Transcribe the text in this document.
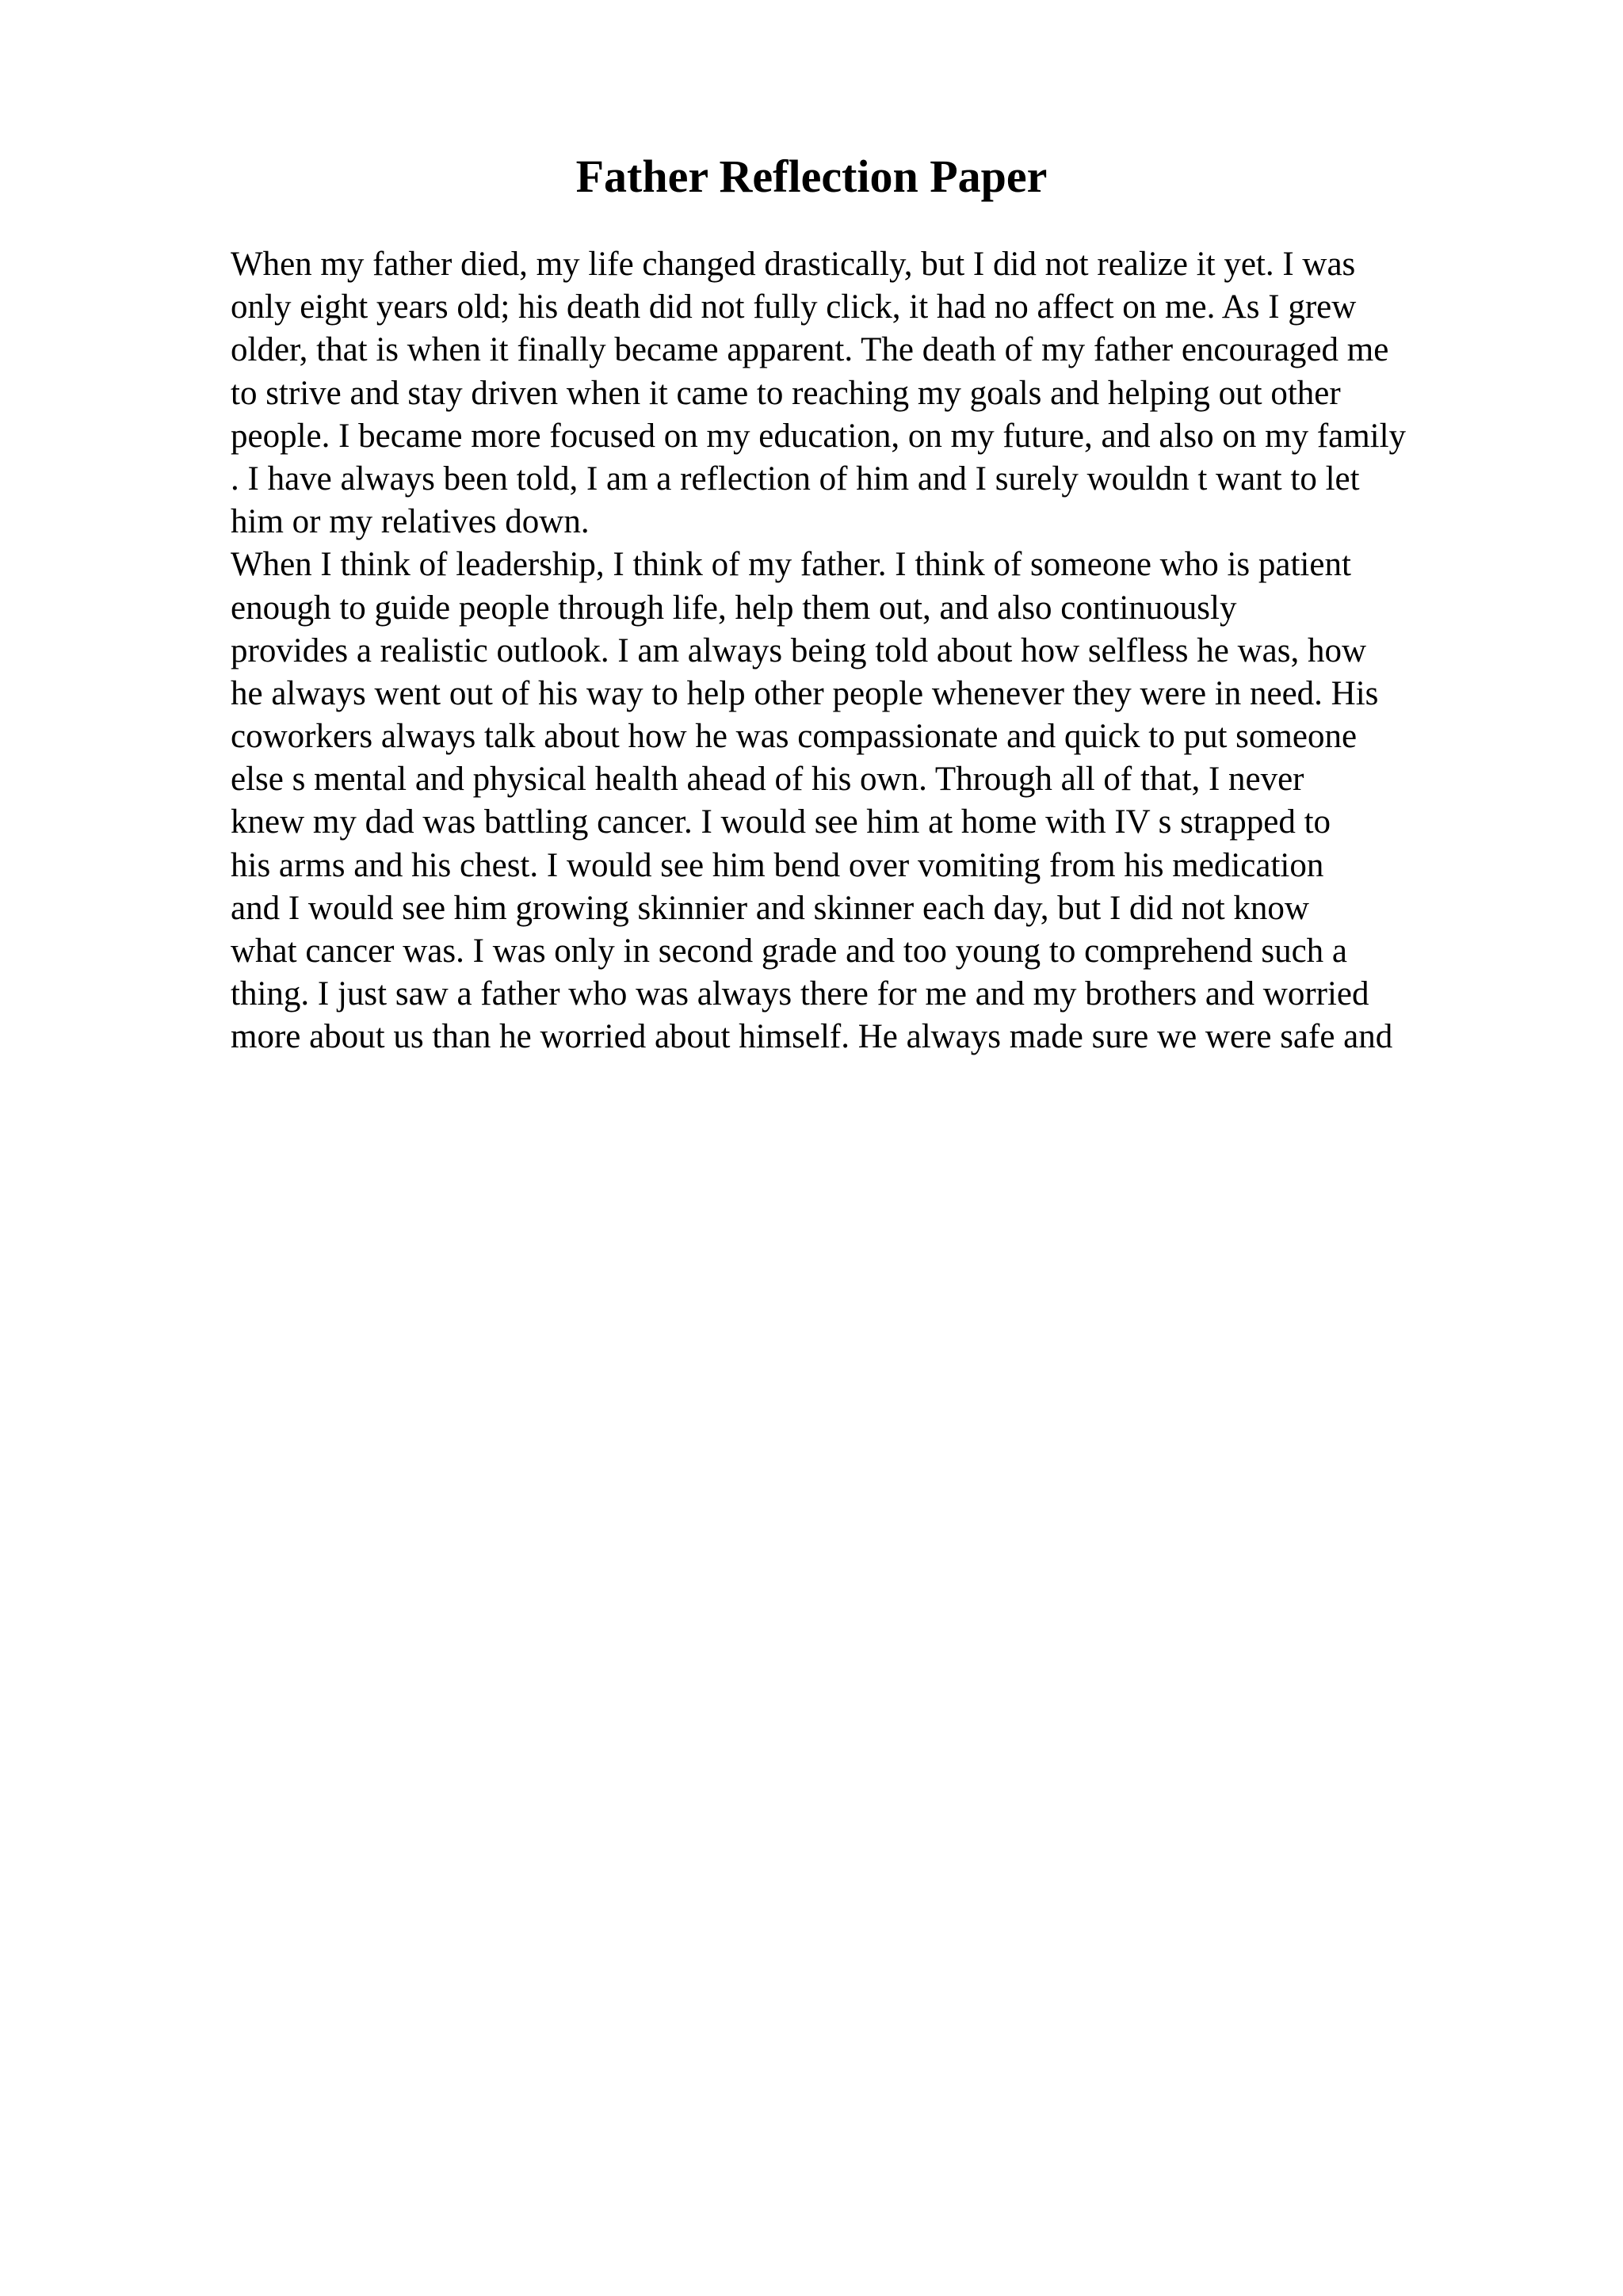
Father Reflection Paper
When my father died, my life changed drastically, but I did not realize it yet. I was
only eight years old; his death did not fully click, it had no affect on me. As I grew
older, that is when it finally became apparent. The death of my father encouraged me
to strive and stay driven when it came to reaching my goals and helping out other
people. I became more focused on my education, on my future, and also on my family
. I have always been told, I am a reflection of him and I surely wouldn t want to let
him or my relatives down.
When I think of leadership, I think of my father. I think of someone who is patient
enough to guide people through life, help them out, and also continuously
provides a realistic outlook. I am always being told about how selfless he was, how
he always went out of his way to help other people whenever they were in need. His
coworkers always talk about how he was compassionate and quick to put someone
else s mental and physical health ahead of his own. Through all of that, I never
knew my dad was battling cancer. I would see him at home with IV s strapped to
his arms and his chest. I would see him bend over vomiting from his medication
and I would see him growing skinnier and skinner each day, but I did not know
what cancer was. I was only in second grade and too young to comprehend such a
thing. I just saw a father who was always there for me and my brothers and worried
more about us than he worried about himself. He always made sure we were safe and
